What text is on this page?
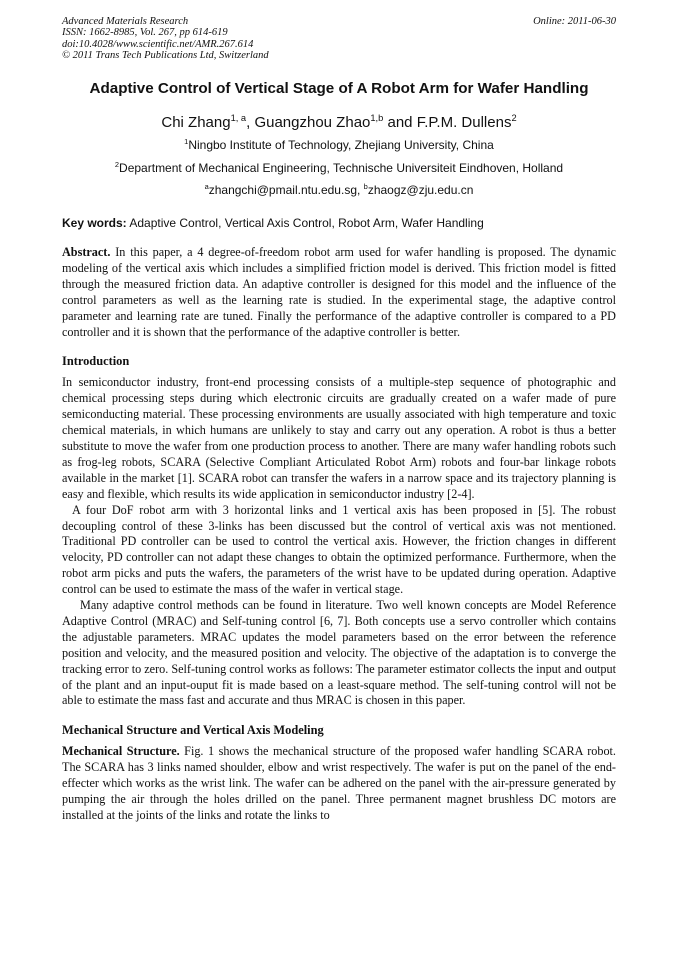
Advanced Materials Research
ISSN: 1662-8985, Vol. 267, pp 614-619
doi:10.4028/www.scientific.net/AMR.267.614
© 2011 Trans Tech Publications Ltd, Switzerland
Online: 2011-06-30
Adaptive Control of Vertical Stage of A Robot Arm for Wafer Handling
Chi Zhang$^{1, a}$, Guangzhou Zhao$^{1,b}$ and F.P.M. Dullens$^2$
$^1$Ningbo Institute of Technology, Zhejiang University, China
$^2$Department of Mechanical Engineering, Technische Universiteit Eindhoven, Holland
$^a$zhangchi@pmail.ntu.edu.sg, $^b$zhaogz@zju.edu.cn
Key words: Adaptive Control, Vertical Axis Control, Robot Arm, Wafer Handling

Abstract. In this paper, a 4 degree-of-freedom robot arm used for wafer handling is proposed. The dynamic modeling of the vertical axis which includes a simplified friction model is derived. This friction model is fitted through the measured friction data. An adaptive controller is designed for this model and the influence of the control parameters as well as the learning rate is studied. In the experimental stage, the adaptive control parameter and learning rate are tuned. Finally the performance of the adaptive controller is compared to a PD controller and it is shown that the performance of the adaptive controller is better.

Introduction

In semiconductor industry, front-end processing consists of a multiple-step sequence of photographic and chemical processing steps during which electronic circuits are gradually created on a wafer made of pure semiconducting material. These processing environments are usually associated with high temperature and toxic chemical materials, in which humans are unlikely to stay and carry out any operation. A robot is thus a better substitute to move the wafer from one production process to another. There are many wafer handling robots such as frog-leg robots, SCARA (Selective Compliant Articulated Robot Arm) robots and four-bar linkage robots available in the market [1]. SCARA robot can transfer the wafers in a narrow space and its trajectory planning is easy and flexible, which results its wide application in semiconductor industry [2-4].

A four DoF robot arm with 3 horizontal links and 1 vertical axis has been proposed in [5]. The robust decoupling control of these 3-links has been discussed but the control of vertical axis was not mentioned. Traditional PD controller can be used to control the vertical axis. However, the friction changes in different velocity, PD controller can not adapt these changes to obtain the optimized performance. Furthermore, when the robot arm picks and puts the wafers, the parameters of the wrist have to be updated during operation. Adaptive control can be used to estimate the mass of the wafer in vertical stage.

Many adaptive control methods can be found in literature. Two well known concepts are Model Reference Adaptive Control (MRAC) and Self-tuning control [6, 7]. Both concepts use a servo controller which contains the adjustable parameters. MRAC updates the model parameters based on the error between the reference position and velocity, and the measured position and velocity. The objective of the adaptation is to converge the tracking error to zero. Self-tuning control works as follows: The parameter estimator collects the input and output of the plant and an input-ouput fit is made based on a least-square method. The self-tuning control will not be able to estimate the mass fast and accurate and thus MRAC is chosen in this paper.

Mechanical Structure and Vertical Axis Modeling

Mechanical Structure. Fig. 1 shows the mechanical structure of the proposed wafer handling SCARA robot. The SCARA has 3 links named shoulder, elbow and wrist respectively. The wafer is put on the panel of the end-effecter which works as the wrist link. The wafer can be adhered on the panel with the air-pressure generated by pumping the air through the holes drilled on the panel. Three permanent magnet brushless DC motors are installed at the joints of the links and rotate the links to
